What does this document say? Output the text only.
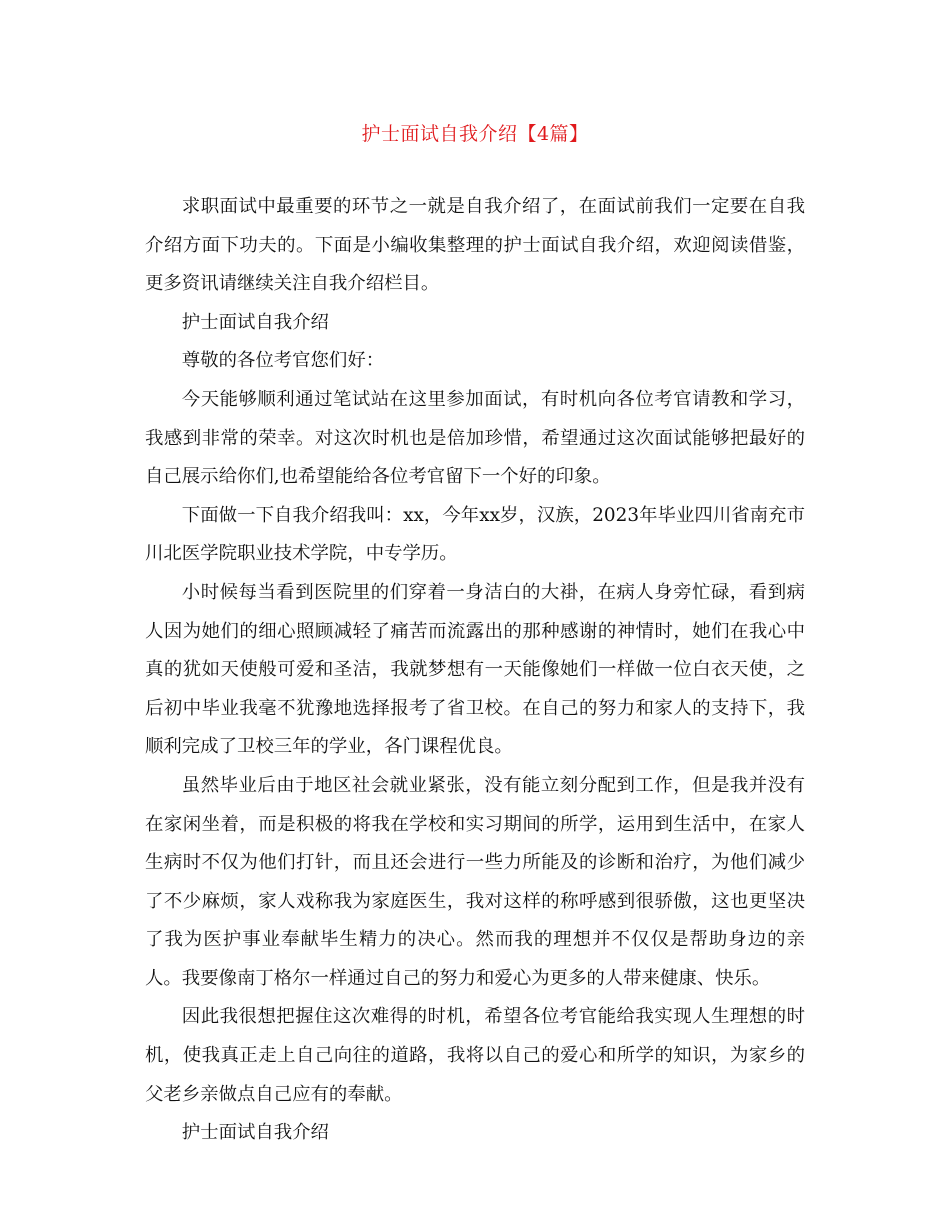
护士面试自我介绍【4篇】

求职面试中最重要的环节之一就是自我介绍了，在面试前我们一定要在自我介绍方面下功夫的。下面是小编收集整理的护士面试自我介绍，欢迎阅读借鉴，更多资讯请继续关注自我介绍栏目。

护士面试自我介绍

尊敬的各位考官您们好：

今天能够顺利通过笔试站在这里参加面试，有时机向各位考官请教和学习，我感到非常的荣幸。对这次时机也是倍加珍惜，希望通过这次面试能够把最好的自己展示给你们,也希望能给各位考官留下一个好的印象。

下面做一下自我介绍我叫：xx，今年xx岁，汉族，2023年毕业四川省南充市川北医学院职业技术学院，中专学历。

小时候每当看到医院里的们穿着一身洁白的大褂，在病人身旁忙碌，看到病人因为她们的细心照顾减轻了痛苦而流露出的那种感谢的神情时，她们在我心中真的犹如天使般可爱和圣洁，我就梦想有一天能像她们一样做一位白衣天使，之后初中毕业我毫不犹豫地选择报考了省卫校。在自己的努力和家人的支持下，我顺利完成了卫校三年的学业，各门课程优良。

虽然毕业后由于地区社会就业紧张，没有能立刻分配到工作，但是我并没有在家闲坐着，而是积极的将我在学校和实习期间的所学，运用到生活中，在家人生病时不仅为他们打针，而且还会进行一些力所能及的诊断和治疗，为他们减少了不少麻烦，家人戏称我为家庭医生，我对这样的称呼感到很骄傲，这也更坚决了我为医护事业奉献毕生精力的决心。然而我的理想并不仅仅是帮助身边的亲人。我要像南丁格尔一样通过自己的努力和爱心为更多的人带来健康、快乐。

因此我很想把握住这次难得的时机，希望各位考官能给我实现人生理想的时机，使我真正走上自己向往的道路，我将以自己的爱心和所学的知识，为家乡的父老乡亲做点自己应有的奉献。

护士面试自我介绍
